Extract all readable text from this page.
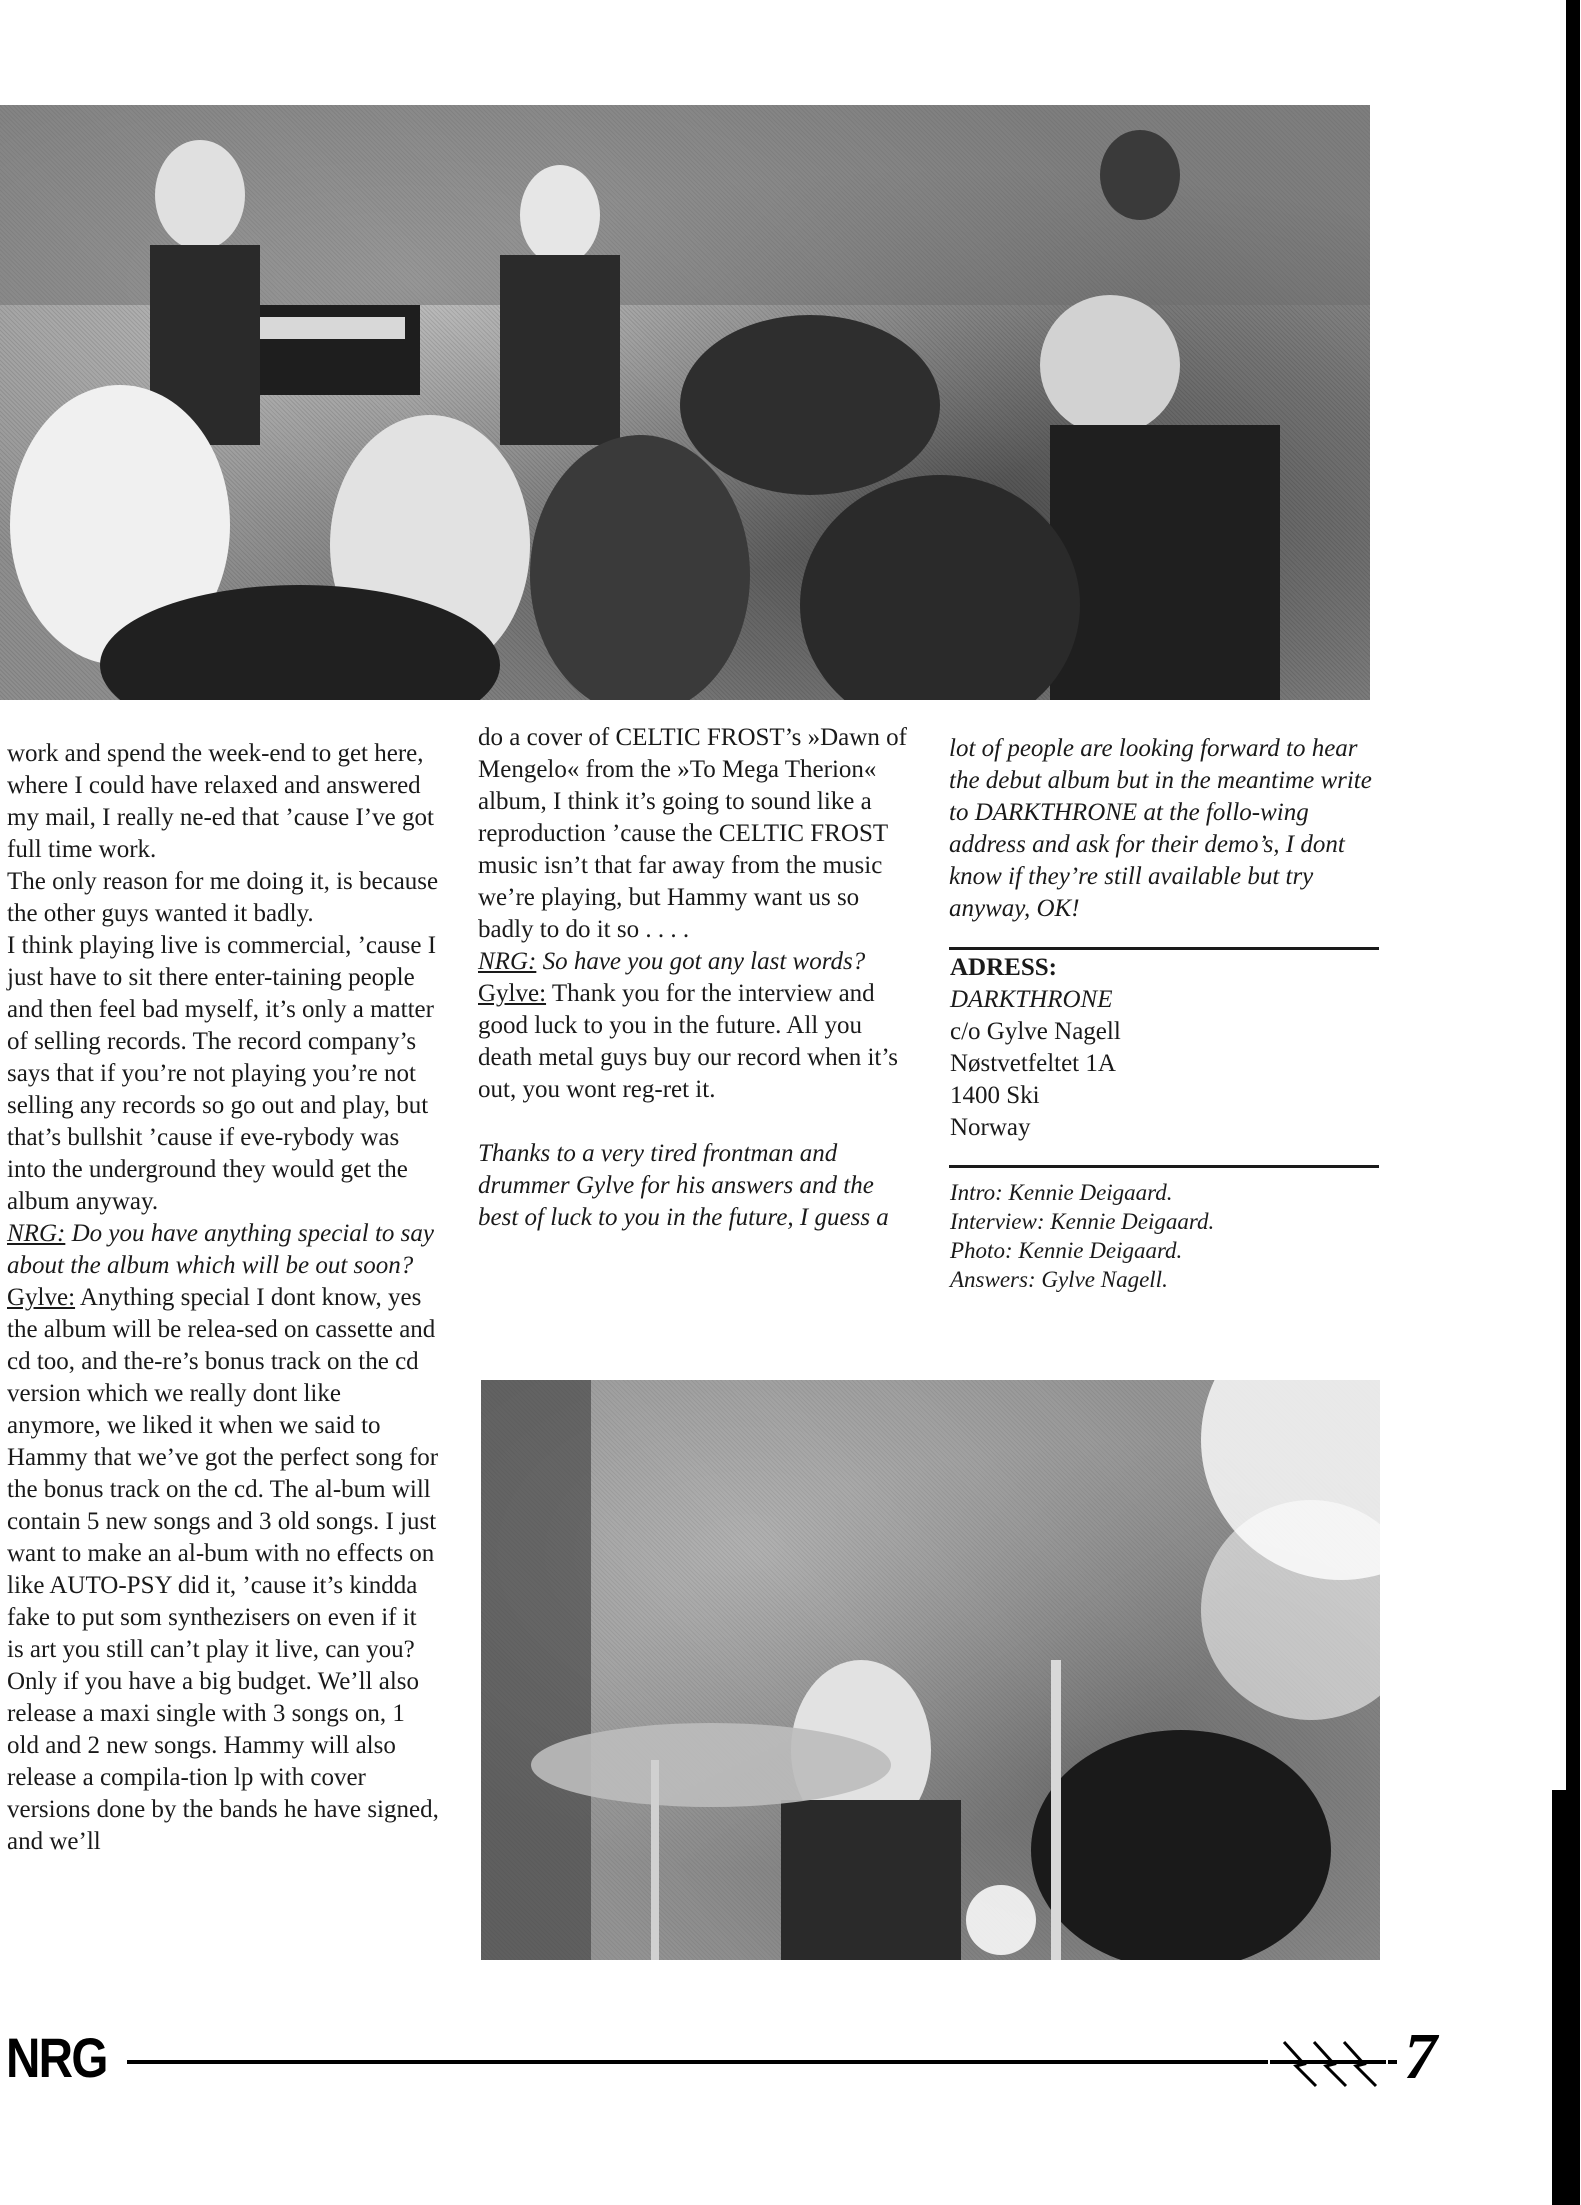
work and spend the week-end to get here, where I could have relaxed and answered my mail, I really ne-ed that ’cause I’ve got full time work.

The only reason for me doing it, is because the other guys wanted it badly.

I think playing live is commercial, ’cause I just have to sit there enter-taining people and then feel bad myself, it’s only a matter of selling records. The record company’s says that if you’re not playing you’re not selling any records so go out and play, but that’s bullshit ’cause if eve-rybody was into the underground they would get the album anyway.

NRG: Do you have anything special to say about the album which will be out soon?

Gylve: Anything special I dont know, yes the album will be relea-sed on cassette and cd too, and the-re’s bonus track on the cd version which we really dont like anymore, we liked it when we said to Hammy that we’ve got the perfect song for the bonus track on the cd. The al-bum will contain 5 new songs and 3 old songs. I just want to make an al-bum with no effects on like AUTO-PSY did it, ’cause it’s kindda fake to put som synthezisers on even if it is art you still can’t play it live, can you? Only if you have a big budget. We’ll also release a maxi single with 3 songs on, 1 old and 2 new songs. Hammy will also release a compila-tion lp with cover versions done by the bands he have signed, and we’ll

do a cover of CELTIC FROST’s »Dawn of Mengelo« from the »To Mega Therion« album, I think it’s going to sound like a reproduction ’cause the CELTIC FROST music isn’t that far away from the music we’re playing, but Hammy want us so badly to do it so . . . .

NRG: So have you got any last words?

Gylve: Thank you for the interview and good luck to you in the future. All you death metal guys buy our record when it’s out, you wont reg-ret it.

Thanks to a very tired frontman and drummer Gylve for his answers and the best of luck to you in the future, I guess a

lot of people are looking forward to hear the debut album but in the meantime write to DARKTHRONE at the follo-wing address and ask for their demo’s, I dont know if they’re still available but try anyway, OK!

ADRESS:
DARKTHRONE
c/o Gylve Nagell
Nøstvetfeltet 1A
1400 Ski
Norway
Intro: Kennie Deigaard.
Interview: Kennie Deigaard.
Photo: Kennie Deigaard.
Answers: Gylve Nagell.
NRG	7
